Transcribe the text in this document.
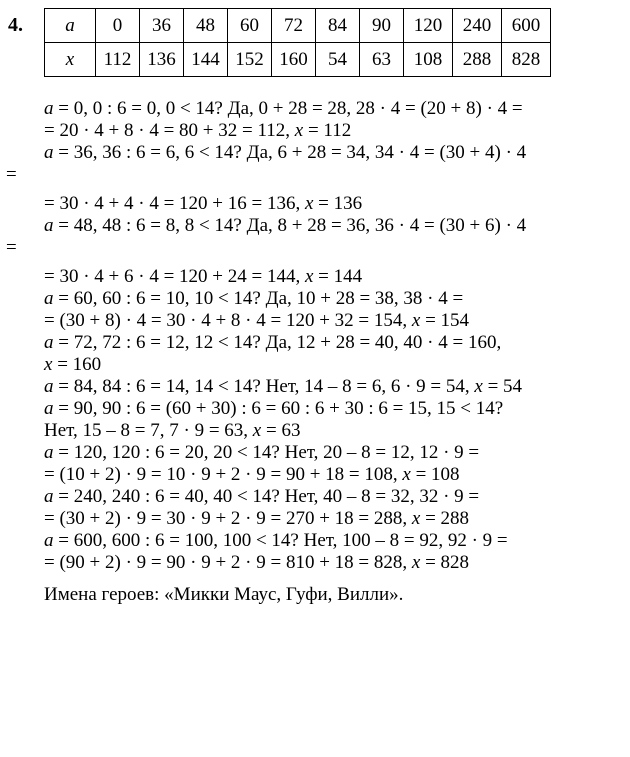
4. a	0	36	48	60	72	84	90	120	240	600
x	112	136	144	152	160	54	63	108	288	828
a = 0, 0 : 6 = 0, 0 < 14? Да, 0 + 28 = 28, 28 · 4 = (20 + 8) · 4 =
= 20 · 4 + 8 · 4 = 80 + 32 = 112, x = 112
a = 36, 36 : 6 = 6, 6 < 14? Да, 6 + 28 = 34, 34 · 4 = (30 + 4) · 4
=
= 30 · 4 + 4 · 4 = 120 + 16 = 136, x = 136
a = 48, 48 : 6 = 8, 8 < 14? Да, 8 + 28 = 36, 36 · 4 = (30 + 6) · 4
=
= 30 · 4 + 6 · 4 = 120 + 24 = 144, x = 144
a = 60, 60 : 6 = 10, 10 < 14? Да, 10 + 28 = 38, 38 · 4 =
= (30 + 8) · 4 = 30 · 4 + 8 · 4 = 120 + 32 = 154, x = 154
a = 72, 72 : 6 = 12, 12 < 14? Да, 12 + 28 = 40, 40 · 4 = 160,
x = 160
a = 84, 84 : 6 = 14, 14 < 14? Нет, 14 – 8 = 6, 6 · 9 = 54, x = 54
a = 90, 90 : 6 = (60 + 30) : 6 = 60 : 6 + 30 : 6 = 15, 15 < 14?
Нет, 15 – 8 = 7, 7 · 9 = 63, x = 63
a = 120, 120 : 6 = 20, 20 < 14? Нет, 20 – 8 = 12, 12 · 9 =
= (10 + 2) · 9 = 10 · 9 + 2 · 9 = 90 + 18 = 108, x = 108
a = 240, 240 : 6 = 40, 40 < 14? Нет, 40 – 8 = 32, 32 · 9 =
= (30 + 2) · 9 = 30 · 9 + 2 · 9 = 270 + 18 = 288, x = 288
a = 600, 600 : 6 = 100, 100 < 14? Нет, 100 – 8 = 92, 92 · 9 =
= (90 + 2) · 9 = 90 · 9 + 2 · 9 = 810 + 18 = 828, x = 828
Имена героев: «Микки Маус, Гуфи, Вилли».
